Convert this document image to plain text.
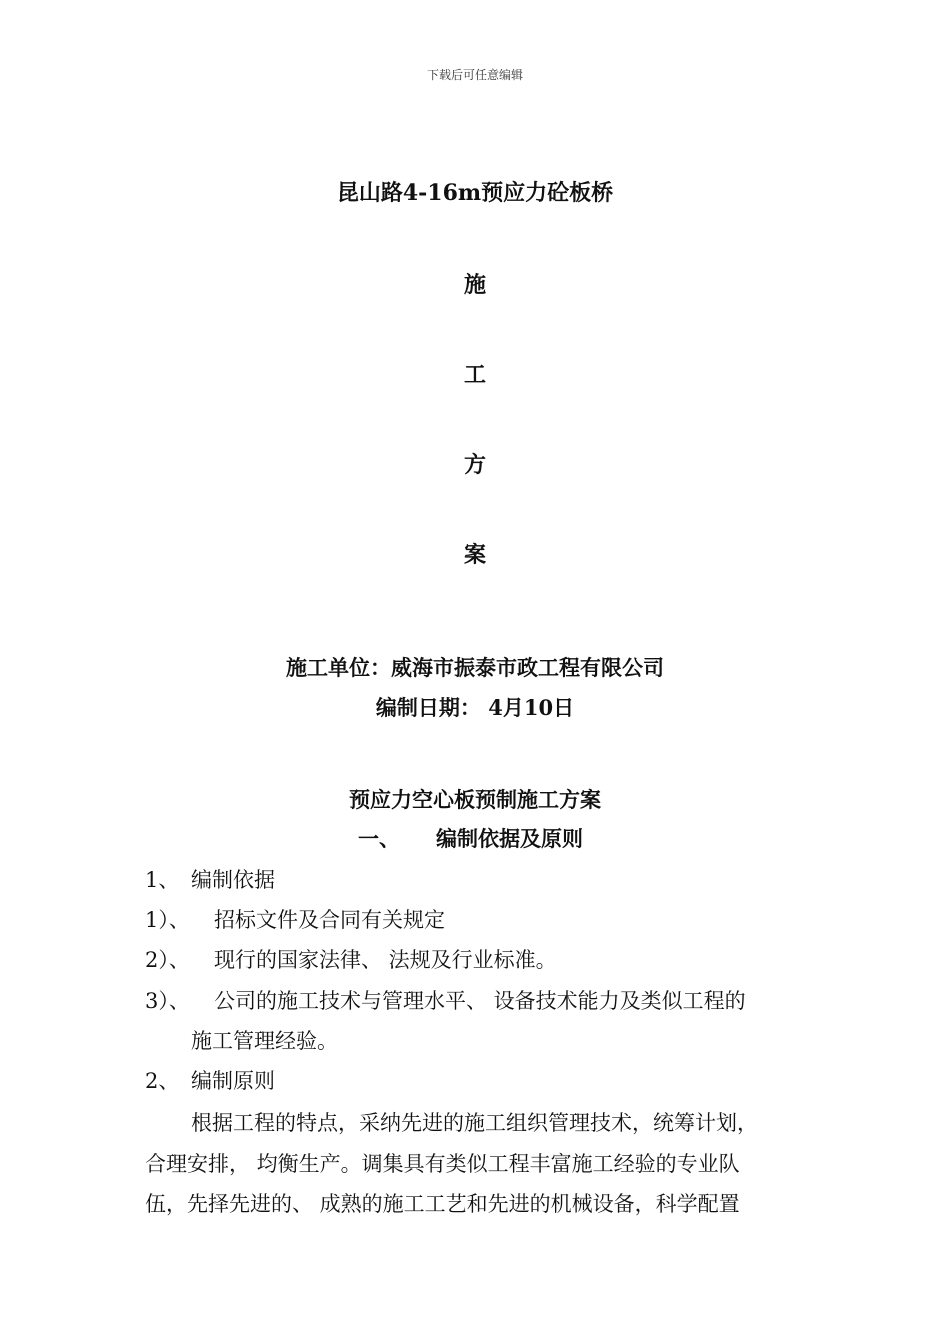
下载后可任意编辑
昆山路4-16m预应力砼板桥
施
工
方
案
施工单位：威海市振泰市政工程有限公司
编制日期： 4月10日
预应力空心板预制施工方案
一、 编制依据及原则
1、 编制依据
1）、 招标文件及合同有关规定
2）、 现行的国家法律、 法规及行业标准。
3）、 公司的施工技术与管理水平、 设备技术能力及类似工程的
施工管理经验。
2、 编制原则
根据工程的特点，采纳先进的施工组织管理技术，统筹计划，
合理安排， 均衡生产。调集具有类似工程丰富施工经验的专业队
伍，先择先进的、 成熟的施工工艺和先进的机械设备，科学配置
